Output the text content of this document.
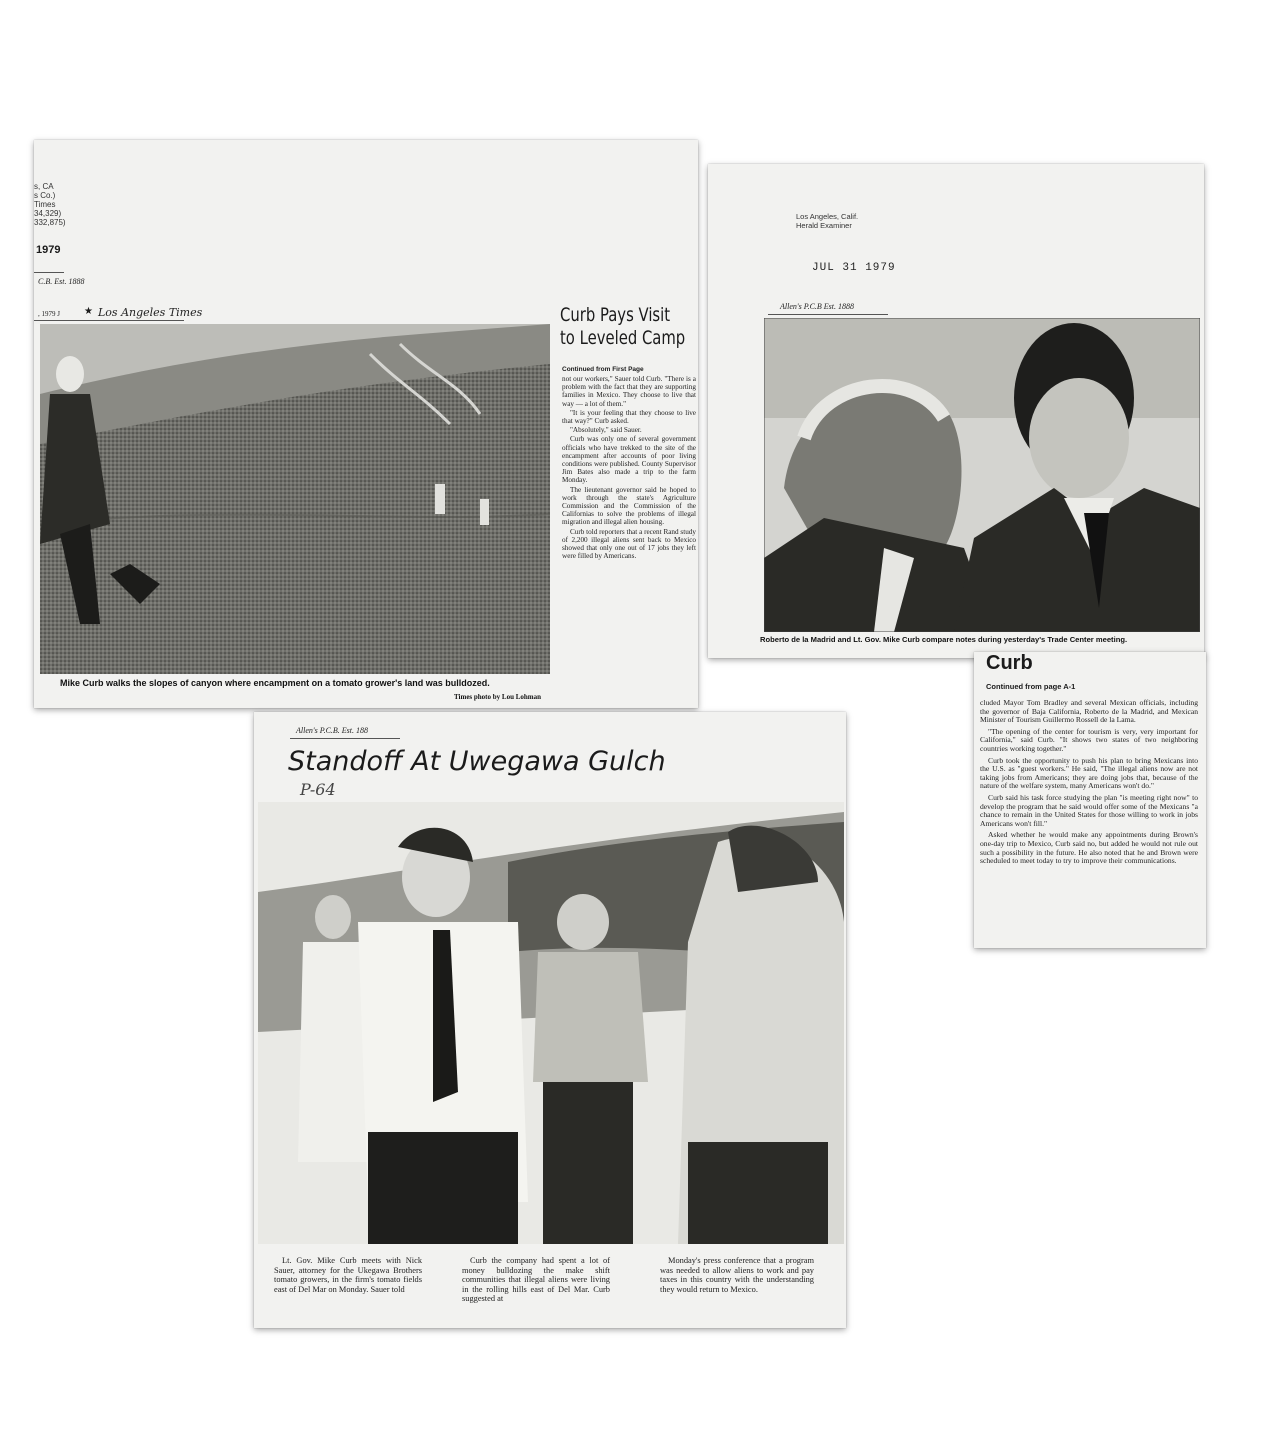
s, CA
s Co.)
Times
34,329)
332,875)
1979
C.B. Est. 1888
, 1979 J ★ Los Angeles Times
Mike Curb walks the slopes of canyon where encampment on a tomato grower's land was bulldozed.
Times photo by Lou Lohman
Curb Pays Visit
to Leveled Camp
Continued from First Page

not our workers," Sauer told Curb. "There is a problem with the fact that they are supporting families in Mexico. They choose to live that way — a lot of them."

"It is your feeling that they choose to live that way?" Curb asked.

"Absolutely," said Sauer.

Curb was only one of several government officials who have trekked to the site of the encampment after accounts of poor living conditions were published. County Supervisor Jim Bates also made a trip to the farm Monday.

The lieutenant governor said he hoped to work through the state's Agriculture Commission and the Commission of the Californias to solve the problems of illegal migration and illegal alien housing.

Curb told reporters that a recent Rand study of 2,200 illegal aliens sent back to Mexico showed that only one out of 17 jobs they left were filled by Americans.

Los Angeles, Calif.
Herald Examiner
JUL 31 1979
Allen's P.C.B Est. 1888
Roberto de la Madrid and Lt. Gov. Mike Curb compare notes during yesterday's Trade Center meeting.
Curb
Continued from page A-1

cluded Mayor Tom Bradley and several Mexican officials, including the governor of Baja California, Roberto de la Madrid, and Mexican Minister of Tourism Guillermo Rossell de la Lama.

"The opening of the center for tourism is very, very important for California," said Curb. "It shows two states of two neighboring countries working together."

Curb took the opportunity to push his plan to bring Mexicans into the U.S. as "guest workers." He said, "The illegal aliens now are not taking jobs from Americans; they are doing jobs that, because of the nature of the welfare system, many Americans won't do."

Curb said his task force studying the plan "is meeting right now" to develop the program that he said would offer some of the Mexicans "a chance to remain in the United States for those willing to work in jobs Americans won't fill."

Asked whether he would make any appointments during Brown's one-day trip to Mexico, Curb said no, but added he would not rule out such a possibility in the future. He also noted that he and Brown were scheduled to meet today to try to improve their communications.

Allen's P.C.B. Est. 188
Standoff At Uwegawa Gulch
P-64
Lt. Gov. Mike Curb meets with Nick Sauer, attorney for the Ukegawa Brothers tomato growers, in the firm's tomato fields east of Del Mar on Monday. Sauer told
Curb the company had spent a lot of money bulldozing the make shift communities that illegal aliens were living in the rolling hills east of Del Mar. Curb suggested at
Monday's press conference that a program was needed to allow aliens to work and pay taxes in this country with the understanding they would return to Mexico.
